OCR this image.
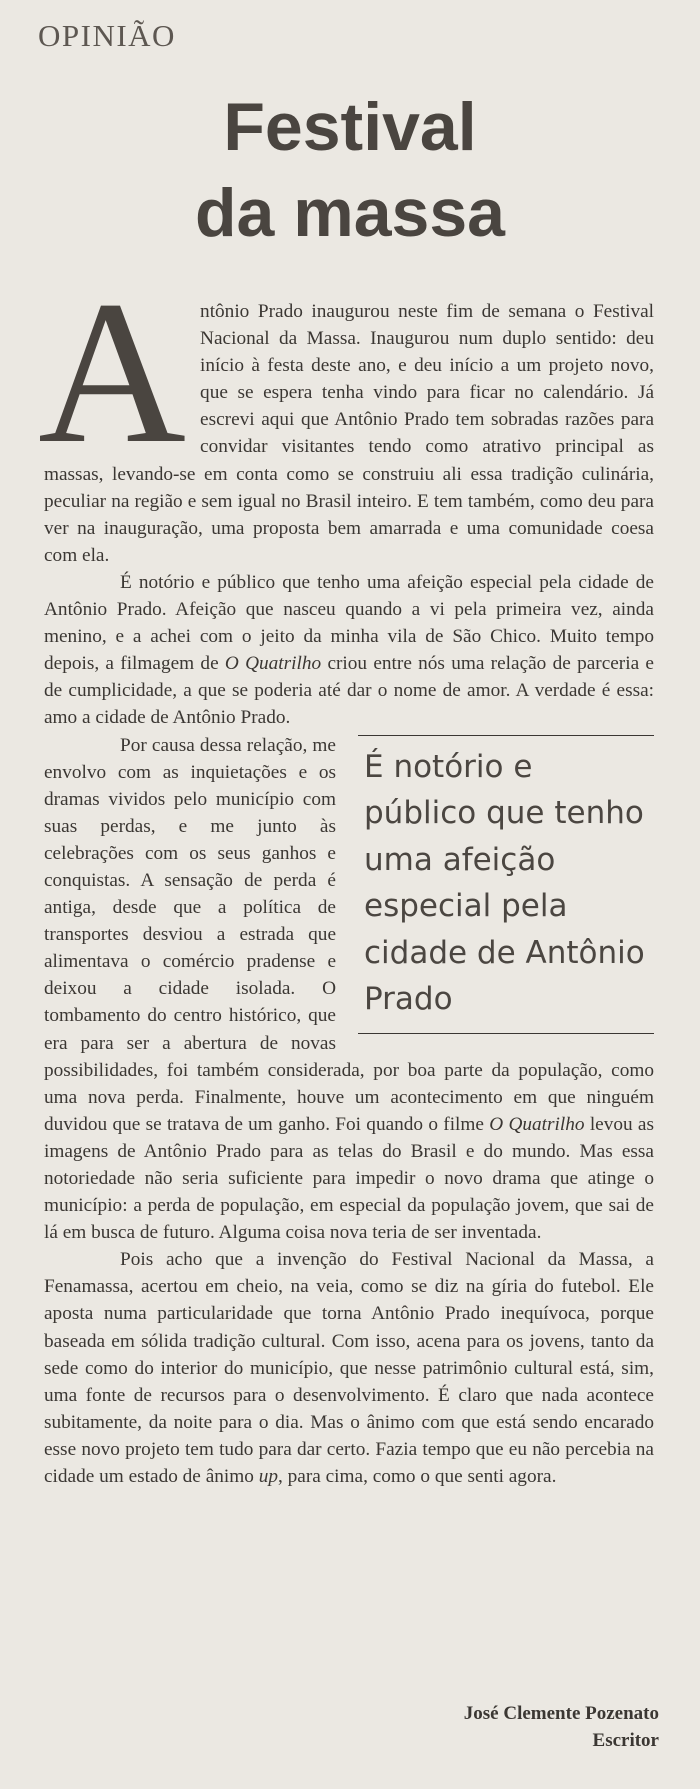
OPINIÃO
Festival
da massa
A ntônio Prado inaugurou neste fim de semana o Festival Nacional da Massa. Inaugurou num duplo sentido: deu início à festa deste ano, e deu início a um projeto novo, que se espera tenha vindo para ficar no calendário. Já escrevi aqui que Antônio Prado tem sobradas razões para convidar visitantes tendo como atrativo principal as massas, levando-se em conta como se construiu ali essa tradição culinária, peculiar na região e sem igual no Brasil inteiro. E tem também, como deu para ver na inauguração, uma proposta bem amarrada e uma comunidade coesa com ela.

É notório e público que tenho uma afeição especial pela cidade de Antônio Prado. Afeição que nasceu quando a vi pela primeira vez, ainda menino, e a achei com o jeito da minha vila de São Chico. Muito tempo depois, a filmagem de O Quatrilho criou entre nós uma relação de parceria e de cumplicidade, a que se poderia até dar o nome de amor. A verdade é essa: amo a cidade de Antônio Prado.

É notório e público que tenho uma afeição especial pela cidade de Antônio Prado

Por causa dessa relação, me envolvo com as inquietações e os dramas vividos pelo município com suas perdas, e me junto às celebrações com os seus ganhos e conquistas. A sensação de perda é antiga, desde que a política de transportes desviou a estrada que alimentava o comércio pradense e deixou a cidade isolada. O tombamento do centro histórico, que era para ser a abertura de novas possibilidades, foi também considerada, por boa parte da população, como uma nova perda. Finalmente, houve um acontecimento em que ninguém duvidou que se tratava de um ganho. Foi quando o filme O Quatrilho levou as imagens de Antônio Prado para as telas do Brasil e do mundo. Mas essa notoriedade não seria suficiente para impedir o novo drama que atinge o município: a perda de população, em especial da população jovem, que sai de lá em busca de futuro. Alguma coisa nova teria de ser inventada.

Pois acho que a invenção do Festival Nacional da Massa, a Fenamassa, acertou em cheio, na veia, como se diz na gíria do futebol. Ele aposta numa particularidade que torna Antônio Prado inequívoca, porque baseada em sólida tradição cultural. Com isso, acena para os jovens, tanto da sede como do interior do município, que nesse patrimônio cultural está, sim, uma fonte de recursos para o desenvolvimento. É claro que nada acontece subitamente, da noite para o dia. Mas o ânimo com que está sendo encarado esse novo projeto tem tudo para dar certo. Fazia tempo que eu não percebia na cidade um estado de ânimo up, para cima, como o que senti agora.

José Clemente Pozenato
Escritor
